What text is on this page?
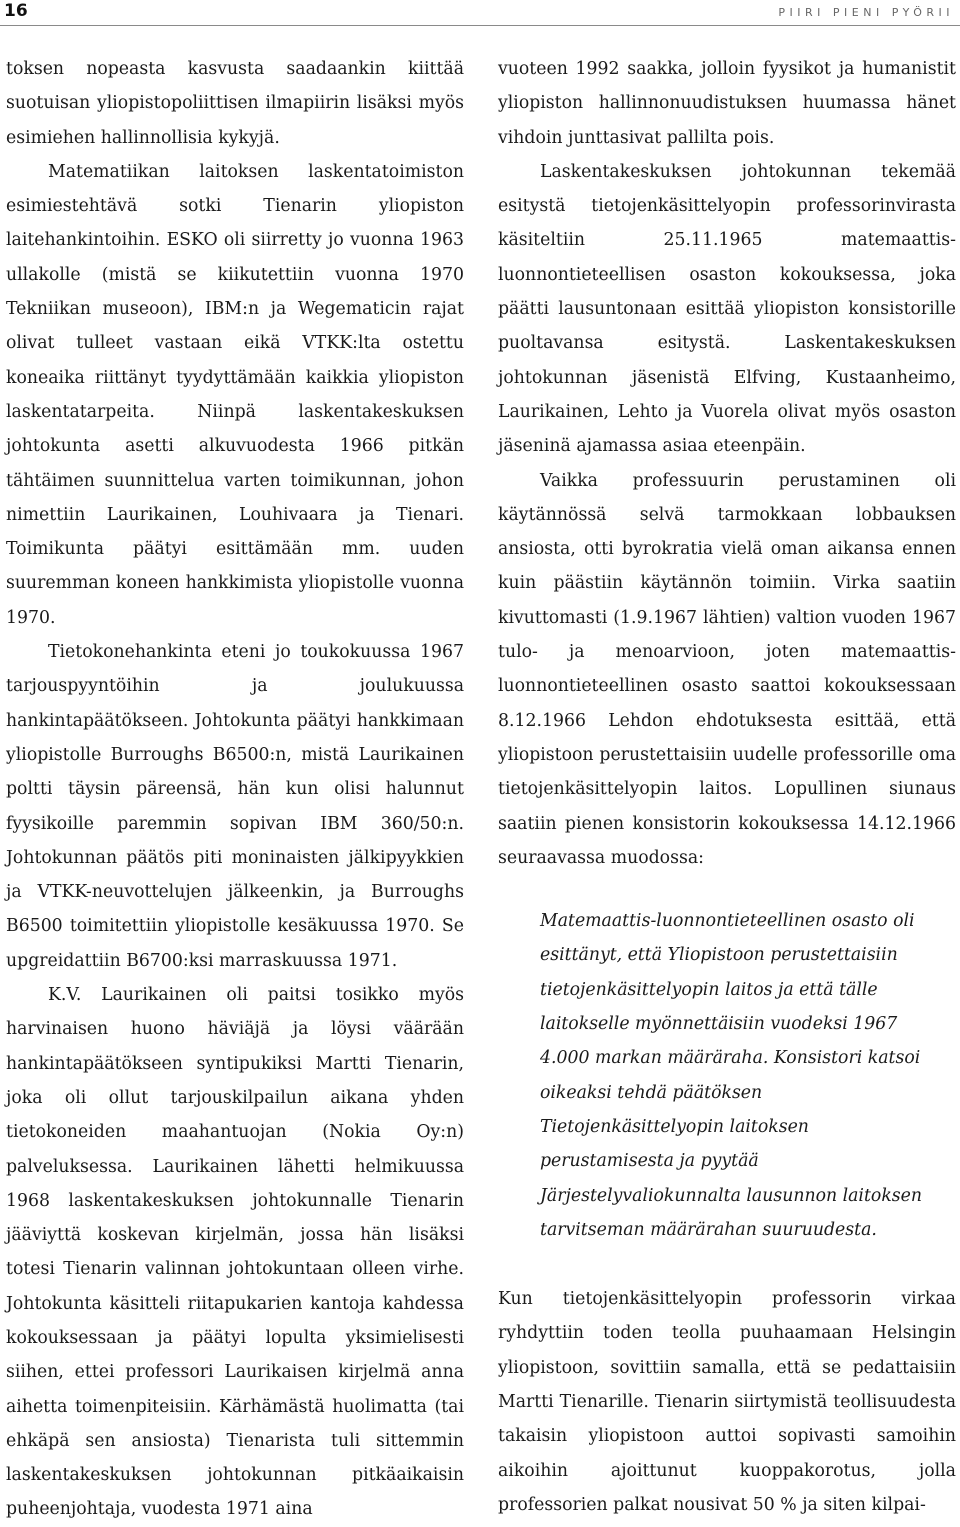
16	PIIRI PIENI PYÖRII

toksen nopeasta kasvusta saadaankin kiittää suotuisan yliopistopoliittisen ilmapiirin lisäksi myös esimiehen hallinnollisia kykyjä.

Matematiikan laitoksen laskentatoimiston esimiestehtävä sotki Tienarin yliopiston laitehankintoihin. ESKO oli siirretty jo vuonna 1963 ullakolle (mistä se kiikutettiin vuonna 1970 Tekniikan museoon), IBM:n ja Wegematicin rajat olivat tulleet vastaan eikä VTKK:lta ostettu koneaika riittänyt tyydyttämään kaikkia yliopiston laskentatarpeita. Niinpä laskentakeskuksen johtokunta asetti alkuvuodesta 1966 pitkän tähtäimen suunnittelua varten toimikunnan, johon nimettiin Laurikainen, Louhivaara ja Tienari. Toimikunta päätyi esittämään mm. uuden suuremman koneen hankkimista yliopistolle vuonna 1970.

Tietokonehankinta eteni jo toukokuussa 1967 tarjouspyyntöihin ja joulukuussa hankintapäätökseen. Johtokunta päätyi hankkimaan yliopistolle Burroughs B6500:n, mistä Laurikainen poltti täysin päreensä, hän kun olisi halunnut fyysikoille paremmin sopivan IBM 360/50:n. Johtokunnan päätös piti moninaisten jälkipyykkien ja VTKK-neuvottelujen jälkeenkin, ja Burroughs B6500 toimitettiin yliopistolle kesäkuussa 1970. Se upgreidattiin B6700:ksi marraskuussa 1971.

K.V. Laurikainen oli paitsi tosikko myös harvinaisen huono häviäjä ja löysi väärään hankintapäätökseen syntipukiksi Martti Tienarin, joka oli ollut tarjouskilpailun aikana yhden tietokoneiden maahantuojan (Nokia Oy:n) palveluksessa. Laurikainen lähetti helmikuussa 1968 laskentakeskuksen johtokunnalle Tienarin jääviyttä koskevan kirjelmän, jossa hän lisäksi totesi Tienarin valinnan johtokuntaan olleen virhe. Johtokunta käsitteli riitapukarien kantoja kahdessa kokouksessaan ja päätyi lopulta yksimielisesti siihen, ettei professori Laurikaisen kirjelmä anna aihetta toimenpiteisiin. Kärhämästä huolimatta (tai ehkäpä sen ansiosta) Tienarista tuli sittemmin laskentakeskuksen johtokunnan pitkäaikaisin puheenjohtaja, vuodesta 1971 aina

vuoteen 1992 saakka, jolloin fyysikot ja humanistit yliopiston hallinnonuudistuksen huumassa hänet vihdoin junttasivat pallilta pois.

Laskentakeskuksen johtokunnan tekemää esitystä tietojenkäsittelyopin professorinvirasta käsiteltiin 25.11.1965 matemaattis-luonnontieteellisen osaston kokouksessa, joka päätti lausuntonaan esittää yliopiston konsistorille puoltavansa esitystä. Laskentakeskuksen johtokunnan jäsenistä Elfving, Kustaanheimo, Laurikainen, Lehto ja Vuorela olivat myös osaston jäseninä ajamassa asiaa eteenpäin.

Vaikka professuurin perustaminen oli käytännössä selvä tarmokkaan lobbauksen ansiosta, otti byrokratia vielä oman aikansa ennen kuin päästiin käytännön toimiin. Virka saatiin kivuttomasti (1.9.1967 lähtien) valtion vuoden 1967 tulo- ja menoarvioon, joten matemaattis-luonnontieteellinen osasto saattoi kokouksessaan 8.12.1966 Lehdon ehdotuksesta esittää, että yliopistoon perustettaisiin uudelle professorille oma tietojenkäsittelyopin laitos. Lopullinen siunaus saatiin pienen konsistorin kokouksessa 14.12.1966 seuraavassa muodossa:

Matemaattis-luonnontieteellinen osasto oli esittänyt, että Yliopistoon perustettaisiin tietojenkäsittelyopin laitos ja että tälle laitokselle myönnettäisiin vuodeksi 1967 4.000 markan määräraha. Konsistori katsoi oikeaksi tehdä päätöksen Tietojenkäsittelyopin laitoksen perustamisesta ja pyytää Järjestelyvaliokunnalta lausunnon laitoksen tarvitseman määrärahan suuruudesta.

Kun tietojenkäsittelyopin professorin virkaa ryhdyttiin toden teolla puuhaamaan Helsingin yliopistoon, sovittiin samalla, että se pedattaisiin Martti Tienarille. Tienarin siirtymistä teollisuudesta takaisin yliopistoon auttoi sopivasti samoihin aikoihin ajoittunut kuoppakorotus, jolla professorien palkat nousivat 50 % ja siten kilpai-
